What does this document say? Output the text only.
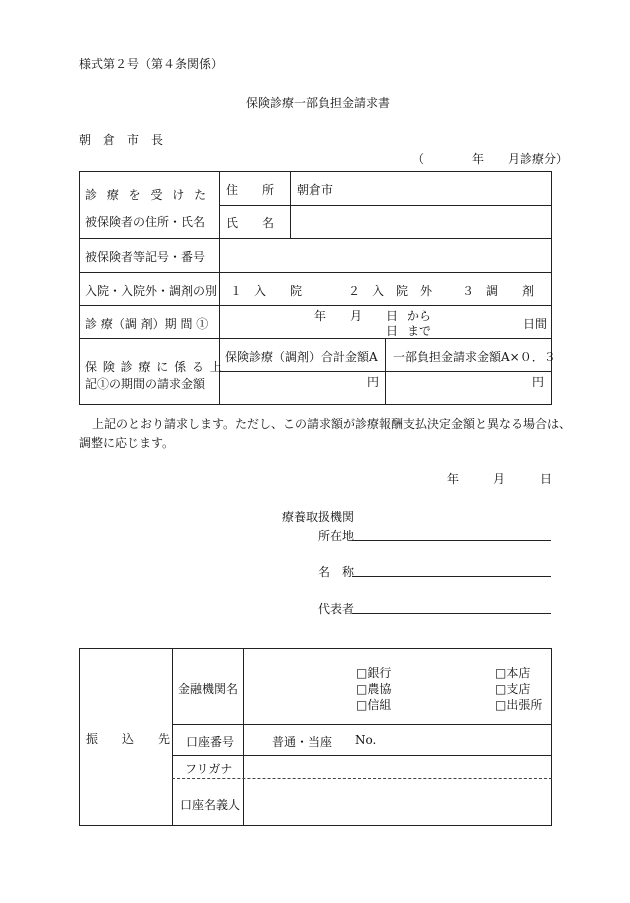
様式第２号（第４条関係）
保険診療一部負担金請求書
朝　倉　市　長
（　　　　年　　月診療分）
診 療 を 受 け た
被保険者の住所・氏名
住　　所 朝倉市
氏　　名
被保険者等記号・番号
入院・入院外・調剤の別 １　入　　院	２　入　院　外 ３　調　　剤
診 療（調 剤）期 間 ①
年　　月　　日 から
日 まで	日間
保 険 診 療 に 係 る 上
記①の期間の請求金額
保険診療（調剤）合計金額A 一部負担金請求金額A×０．３
円	円
上記のとおり請求します。ただし、この請求額が診療報酬支払決定金額と異なる場合は、
調整に応じます。
年	月	日
療養取扱機関
所在地
名　称
代表者
振　　込　　先
金融機関名
□銀行
□農協
□信組
□本店
□支店
□出張所
口座番号	普通・当座 No.
フリガナ
口座名義人
